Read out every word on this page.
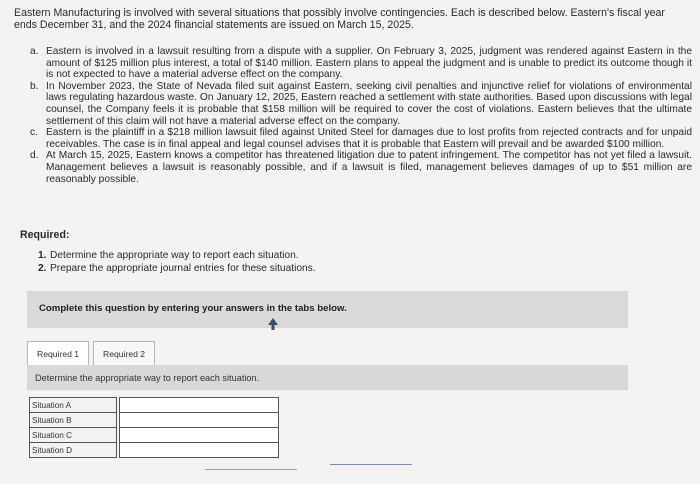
Eastern Manufacturing is involved with several situations that possibly involve contingencies. Each is described below. Eastern's fiscal year ends December 31, and the 2024 financial statements are issued on March 15, 2025.
a. Eastern is involved in a lawsuit resulting from a dispute with a supplier. On February 3, 2025, judgment was rendered against Eastern in the amount of $125 million plus interest, a total of $140 million. Eastern plans to appeal the judgment and is unable to predict its outcome though it is not expected to have a material adverse effect on the company.
b. In November 2023, the State of Nevada filed suit against Eastern, seeking civil penalties and injunctive relief for violations of environmental laws regulating hazardous waste. On January 12, 2025, Eastern reached a settlement with state authorities. Based upon discussions with legal counsel, the Company feels it is probable that $158 million will be required to cover the cost of violations. Eastern believes that the ultimate settlement of this claim will not have a material adverse effect on the company.
c. Eastern is the plaintiff in a $218 million lawsuit filed against United Steel for damages due to lost profits from rejected contracts and for unpaid receivables. The case is in final appeal and legal counsel advises that it is probable that Eastern will prevail and be awarded $100 million.
d. At March 15, 2025, Eastern knows a competitor has threatened litigation due to patent infringement. The competitor has not yet filed a lawsuit. Management believes a lawsuit is reasonably possible, and if a lawsuit is filed, management believes damages of up to $51 million are reasonably possible.
Required:
1. Determine the appropriate way to report each situation.
2. Prepare the appropriate journal entries for these situations.
Complete this question by entering your answers in the tabs below.
Required 1	Required 2
Determine the appropriate way to report each situation.
Situation A		
Situation B		
Situation C		
Situation D		
